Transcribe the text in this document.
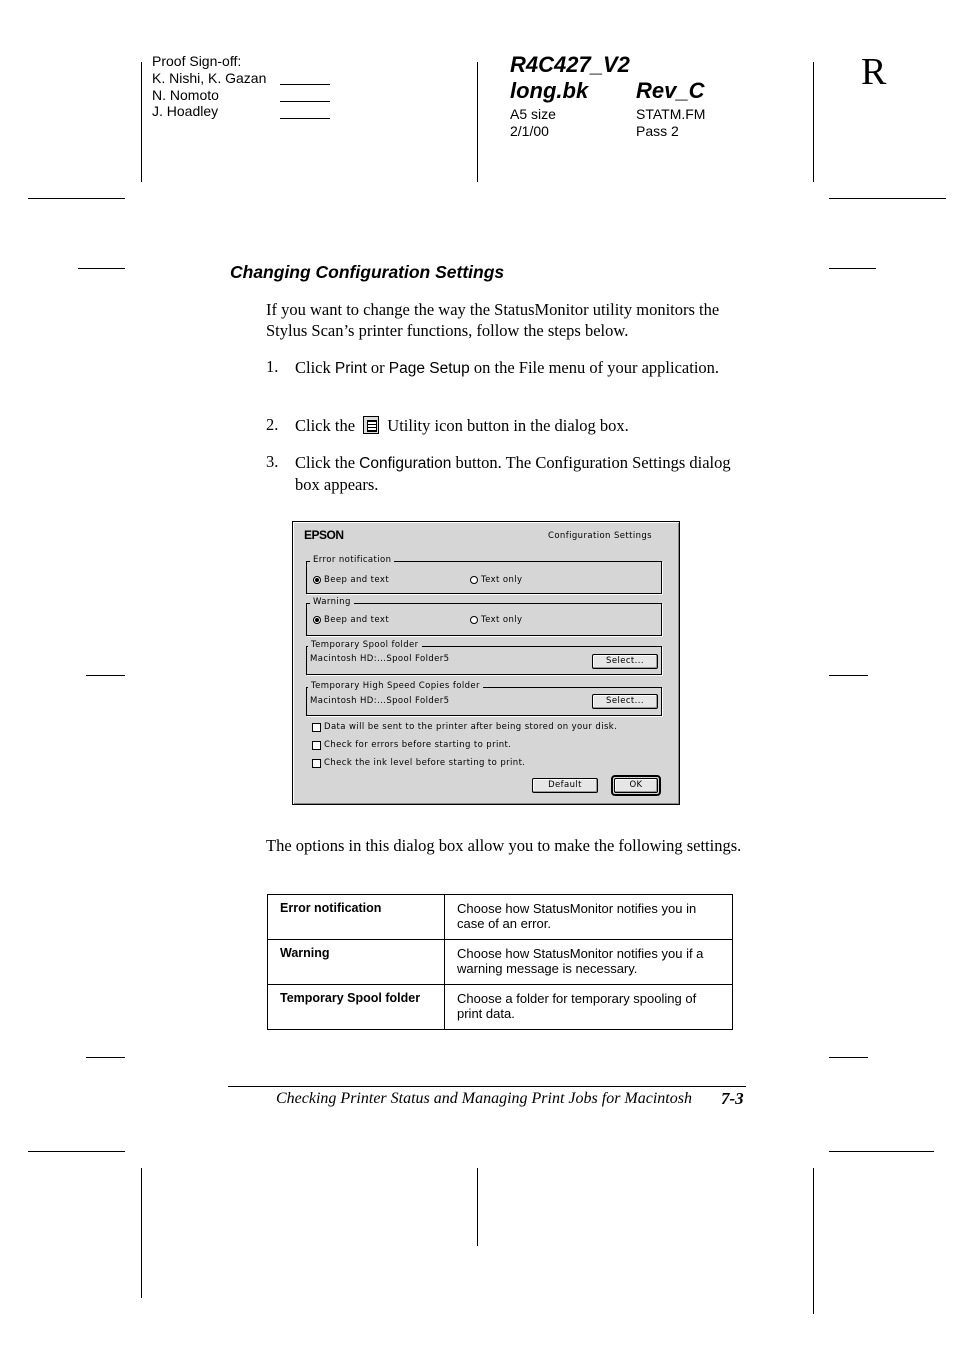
Proof Sign-off:
K. Nishi, K. Gazan
N. Nomoto
J. Hoadley
R4C427_V2
long.bk Rev_C
A5 size	STATM.FM
2/1/00	Pass 2
R
Changing Configuration Settings
If you want to change the way the StatusMonitor utility monitors the Stylus Scan’s printer functions, follow the steps below.
1. Click Print or Page Setup on the File menu of your application.
2. Click the  Utility icon button in the dialog box.
3. Click the Configuration button. The Configuration Settings dialog box appears.
EPSON	Configuration Settings
Error notification
Beep and text	Text only
Warning
Beep and text	Text only
Temporary Spool folder
Macintosh HD:...Spool Folder5	Select...
Temporary High Speed Copies folder
Macintosh HD:...Spool Folder5	Select...
Data will be sent to the printer after being stored on your disk.
Check for errors before starting to print.
Check the ink level before starting to print.
Default	OK
The options in this dialog box allow you to make the following settings.
Error notification	Choose how StatusMonitor notifies you in case of an error.
Warning	Choose how StatusMonitor notifies you if a warning message is necessary.
Temporary Spool folder	Choose a folder for temporary spooling of print data.
Checking Printer Status and Managing Print Jobs for Macintosh 7-3
